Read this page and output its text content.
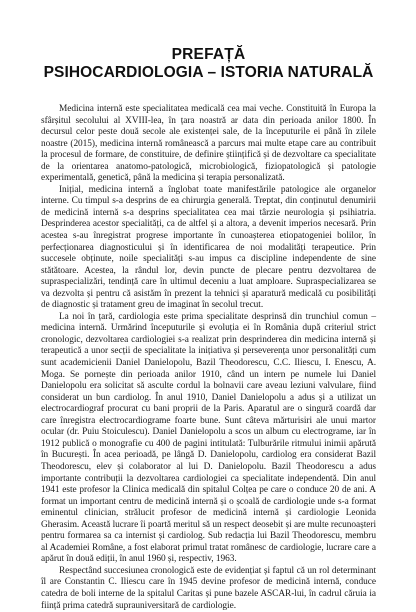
PREFAȚĂ
PSIHOCARDIOLOGIA – ISTORIA NATURALĂ

Medicina internă este specialitatea medicală cea mai veche. Constituită în Europa la sfârșitul secolului al XVIII-lea, în țara noastră ar data din perioada anilor 1800. În decursul celor peste două secole ale existenței sale, de la începuturile ei până în zilele noastre (2015), medicina internă românească a parcurs mai multe etape care au contribuit la procesul de formare, de constituire, de definire științifică și de dezvoltare ca specialitate de la orientarea anatomo-patologică, microbiologică, fiziopatologică și patologie experimentală, genetică, până la medicina și terapia personalizată.

Inițial, medicina internă a înglobat toate manifestările patologice ale organelor interne. Cu timpul s-a desprins de ea chirurgia generală. Treptat, din conținutul denumirii de medicină internă s-a desprins specialitatea cea mai târzie neurologia și psihiatria. Desprinderea acestor specialități, ca de altfel și a altora, a devenit imperios necesară. Prin acestea s-au înregistrat progrese importante în cunoașterea etiopatogeniei bolilor, în perfecționarea diagnosticului și în identificarea de noi modalități terapeutice. Prin succesele obținute, noile specialități s-au impus ca discipline independente de sine stătătoare. Acestea, la rândul lor, devin puncte de plecare pentru dezvoltarea de supraspecializări, tendință care în ultimul deceniu a luat amploare. Supraspecializarea se va dezvolta și pentru că asistăm în prezent la tehnici și aparatură medicală cu posibilități de diagnostic și tratament greu de imaginat în secolul trecut.

La noi în țară, cardiologia este prima specialitate desprinsă din trunchiul comun – medicina internă. Urmărind începuturile și evoluția ei în România după criteriul strict cronologic, dezvoltarea cardiologiei s-a realizat prin desprinderea din medicina internă și terapeutică a unor secții de specialitate la inițiativa și perseverența unor personalități cum sunt academicienii Daniel Danielopolu, Bazil Theodorescu, C.C. Iliescu, I. Enescu, A. Moga. Se pornește din perioada anilor 1910, când un intern pe numele lui Daniel Danielopolu era solicitat să asculte cordul la bolnavii care aveau leziuni valvulare, fiind considerat un bun cardiolog. În anul 1910, Daniel Danielopolu a adus și a utilizat un electrocardiograf procurat cu bani proprii de la Paris. Aparatul are o singură coardă dar care înregistra electrocardiograme foarte bune. Sunt câteva mărturisiri ale unui martor ocular (dr. Puiu Stoiculescu). Daniel Danielopolu a scos un album cu electrograme, iar în 1912 publică o monografie cu 400 de pagini intitulată: Tulburările ritmului inimii apărută în București. În acea perioadă, pe lângă D. Danielopolu, cardiolog era considerat Bazil Theodorescu, elev și colaborator al lui D. Danielopolu. Bazil Theodorescu a adus importante contribuții la dezvoltarea cardiologiei ca specialitate independentă. Din anul 1941 este profesor la Clinica medicală din spitalul Colțea pe care o conduce 20 de ani. A format un important centru de medicină internă și o școală de cardiologie unde s-a format eminentul clinician, strălucit profesor de medicină internă și cardiologie Leonida Gherasim. Această lucrare îi poartă meritul să un respect deosebit și are multe recunoașteri pentru formarea sa ca internist și cardiolog. Sub redacția lui Bazil Theodorescu, membru al Academiei Române, a fost elaborat primul tratat românesc de cardiologie, lucrare care a apărut în două ediții, în anul 1960 și, respectiv, 1963.

Respectând succesiunea cronologică este de evidențiat și faptul că un rol determinant îl are Constantin C. Iliescu care în 1945 devine profesor de medicină internă, conduce catedra de boli interne de la spitalul Caritas și pune bazele ASCAR-lui, în cadrul căruia ia ființă prima catedră suprauniversitară de cardiologie.
